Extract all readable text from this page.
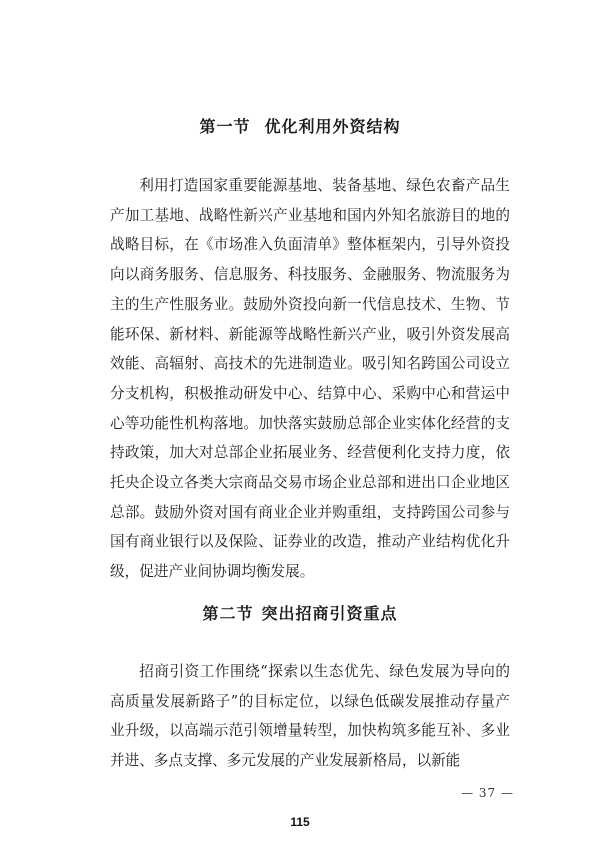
第一节 优化利用外资结构

利用打造国家重要能源基地、装备基地、绿色农畜产品生产加工基地、战略性新兴产业基地和国内外知名旅游目的地的战略目标，在《市场准入负面清单》整体框架内，引导外资投向以商务服务、信息服务、科技服务、金融服务、物流服务为主的生产性服务业。鼓励外资投向新一代信息技术、生物、节能环保、新材料、新能源等战略性新兴产业，吸引外资发展高效能、高辐射、高技术的先进制造业。吸引知名跨国公司设立分支机构，积极推动研发中心、结算中心、采购中心和营运中心等功能性机构落地。加快落实鼓励总部企业实体化经营的支持政策，加大对总部企业拓展业务、经营便利化支持力度，依托央企设立各类大宗商品交易市场企业总部和进出口企业地区总部。鼓励外资对国有商业企业并购重组，支持跨国公司参与国有商业银行以及保险、证券业的改造，推动产业结构优化升级，促进产业间协调均衡发展。

第二节 突出招商引资重点

招商引资工作围绕“探索以生态优先、绿色发展为导向的高质量发展新路子”的目标定位，以绿色低碳发展推动存量产业升级，以高端示范引领增量转型，加快构筑多能互补、多业并进、多点支撑、多元发展的产业发展新格局，以新能

— 37 —
115
